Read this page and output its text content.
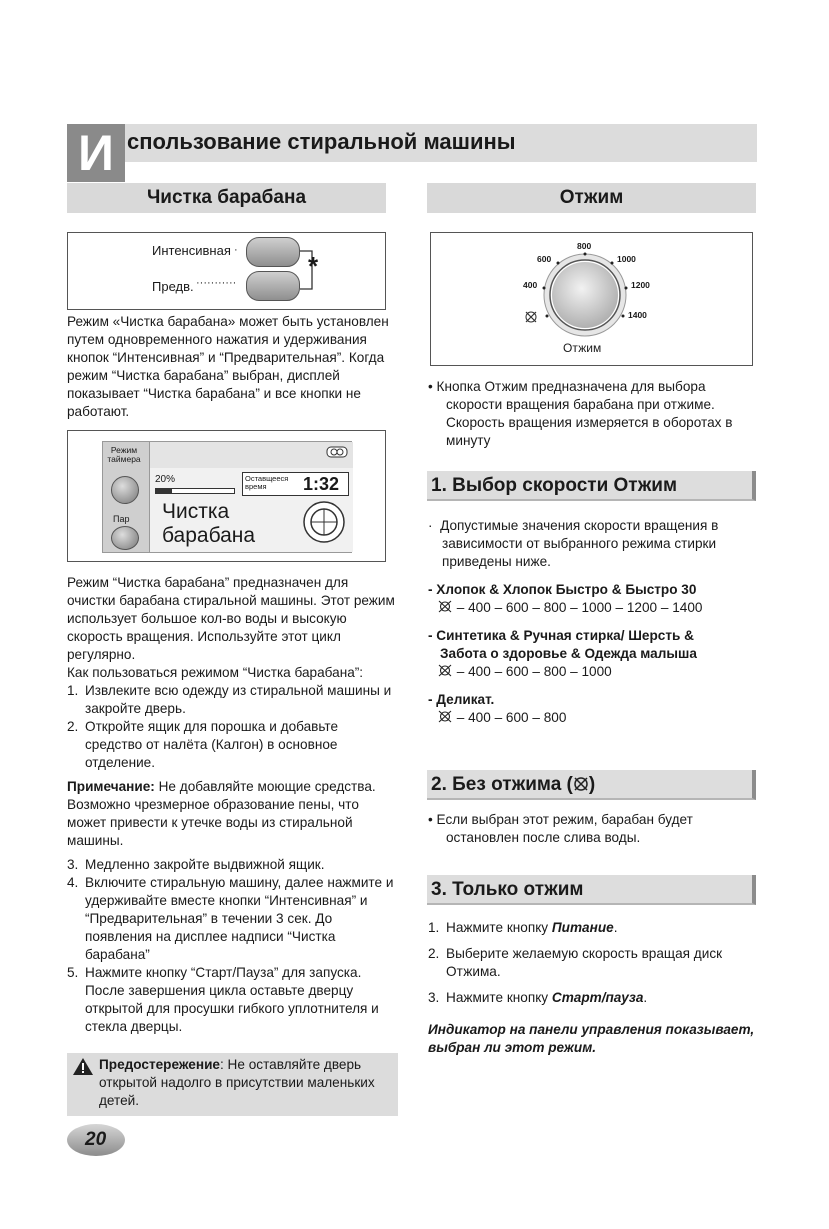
И спользование стиральной машины
Чистка барабана
Интенсивная ·
Предв. ···········
*
Режим «Чистка барабана» может быть установлен путем одновременного нажатия и удерживания кнопок “Интенсивная” и “Предварительная”. Когда режим “Чистка барабана” выбран, дисплей показывает “Чистка барабана” и все кнопки не работают.
Режим
таймера
Пар
20%	Оставщееся
время	1:32
Чистка
барабана

Режим “Чистка барабана” предназначен для очистки барабана стиральной машины. Этот режим использует большое кол-во воды и высокую скорость вращения. Используйте этот цикл регулярно.

Как пользоваться режимом “Чистка барабана”:

1. Извлеките всю одежду из стиральной машины и закройте дверь.
2. Откройте ящик для порошка и добавьте средство от налёта (Калгон) в основное отделение.

Примечание: Не добавляйте моющие средства. Возможно чрезмерное образование пены, что может привести к утечке воды из стиральной машины.

3. Медленно закройте выдвижной ящик.
4. Включите стиральную машину, далее нажмите и удерживайте вместе кнопки “Интенсивная” и “Предварительная” в течении 3 сек. До появления на дисплее надписи “Чистка барабана”
5. Нажмите кнопку “Старт/Пауза” для запуска. После завершения цикла оставьте дверцу открытой для просушки гибкого уплотнителя и стекла дверцы.
Предостережение: Не оставляйте дверь открытой надолго в присутствии маленьких детей.
20
Отжим
800
600	1000
400	1200
1400
Отжим

• Кнопка Отжим предназначена для выбора скорости вращения барабана при отжиме. Скорость вращения измеряется в оборотах в минуту

1. Выбор скорости Отжим

·  Допустимые значения скорости вращения в зависимости от выбранного режима стирки приведены ниже.

- Хлопок & Хлопок Быстро & Быстро 30
– 400 – 600 – 800 – 1000 – 1200 – 1400
- Синтетика & Ручная стирка/ Шерсть &
Забота о здоровье & Одежда малыша
– 400 – 600 – 800 – 1000
- Деликат.
– 400 – 600 – 800
2. Без отжима ( )

• Если выбран этот режим, барабан будет остановлен после слива воды.

3. Только отжим
1. Нажмите кнопку Питание.
2. Выберите желаемую скорость вращая диск Отжима.
3. Нажмите кнопку Старт/пауза.

Индикатор на панели управления показывает, выбран ли этот режим.
